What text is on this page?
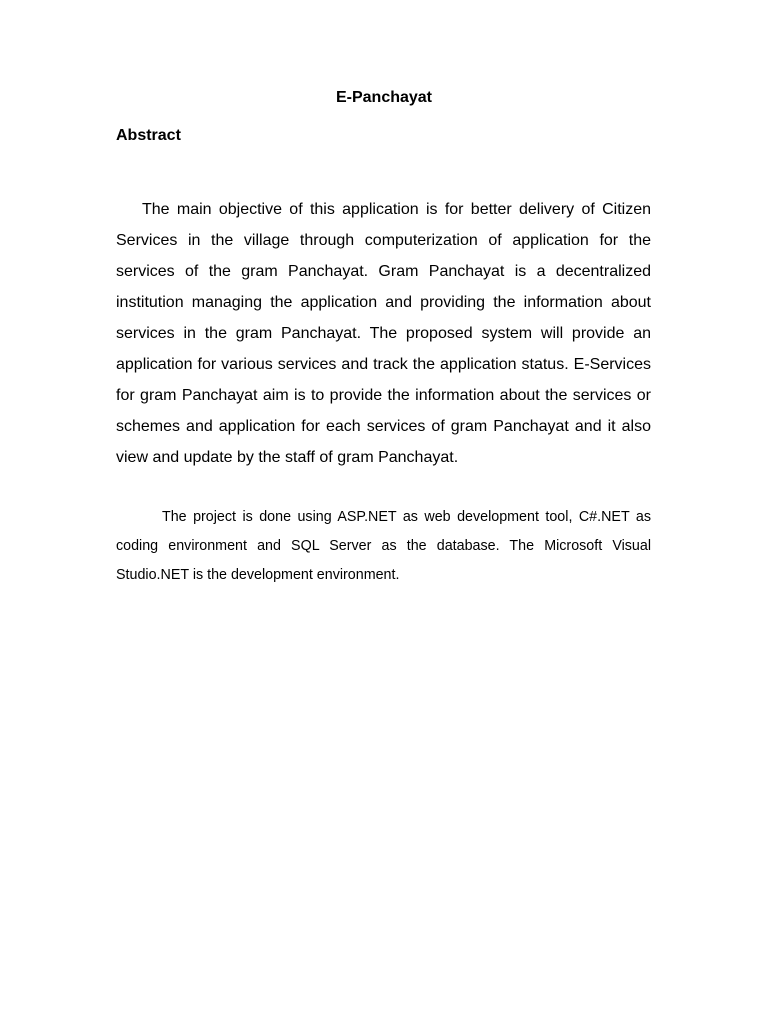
E-Panchayat
Abstract

The main objective of this application is for better delivery of Citizen Services in the village through computerization of application for the services of the gram Panchayat. Gram Panchayat is a decentralized institution managing the application and providing the information about services in the gram Panchayat. The proposed system will provide an application for various services and track the application status. E-Services for gram Panchayat aim is to provide the information about the services or schemes and application for each services of gram Panchayat and it also view and update by the staff of gram Panchayat.

The project is done using ASP.NET as web development tool, C#.NET as coding environment and SQL Server as the database. The Microsoft Visual Studio.NET is the development environment.
